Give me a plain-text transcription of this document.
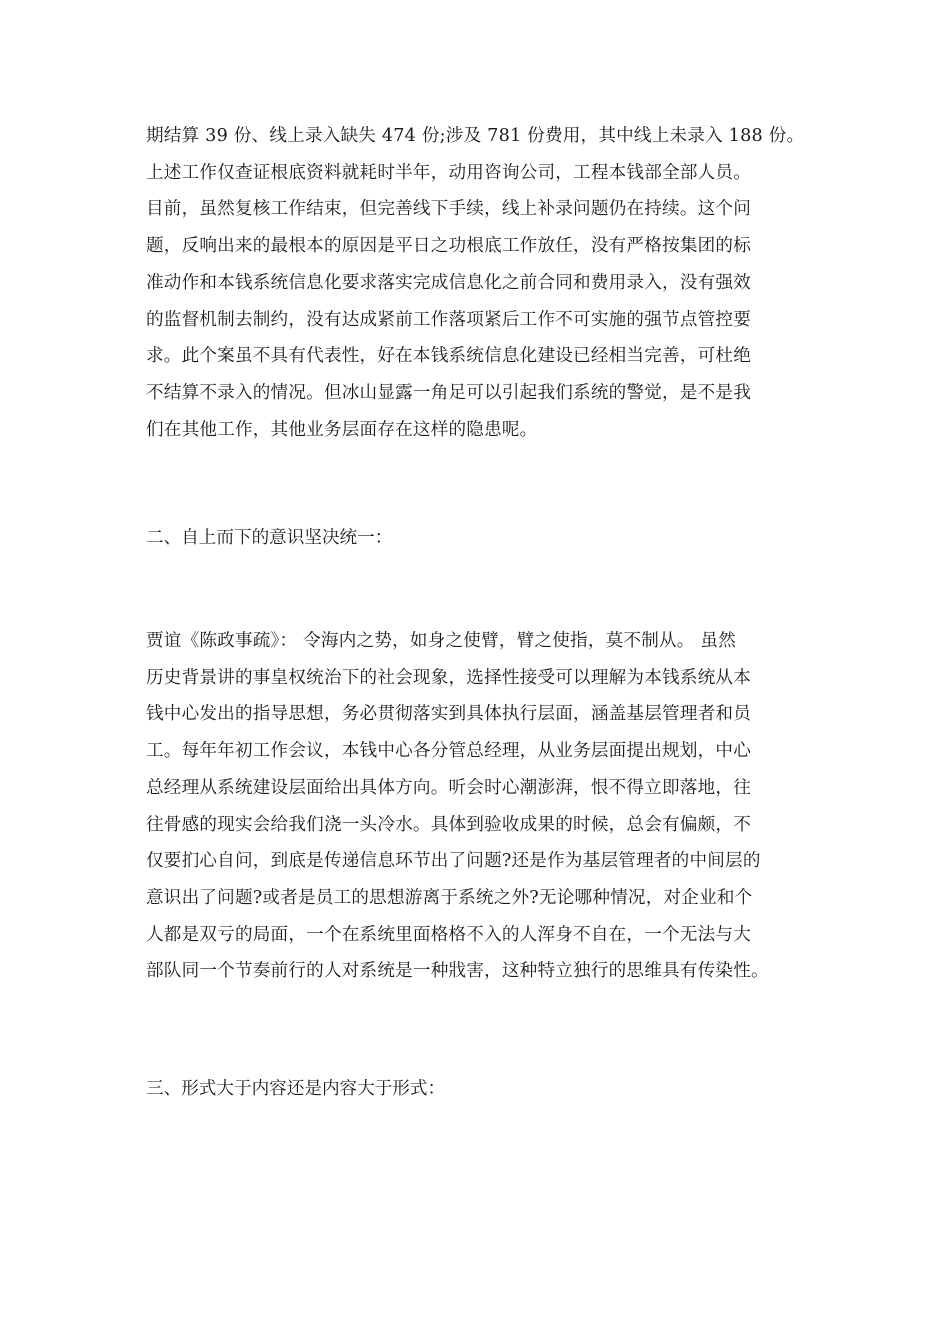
期结算 39 份、线上录入缺失 474 份;涉及 781 份费用，其中线上未录入 188 份。
上述工作仅查证根底资料就耗时半年，动用咨询公司，工程本钱部全部人员。
目前，虽然复核工作结束，但完善线下手续，线上补录问题仍在持续。这个问
题，反响出来的最根本的原因是平日之功根底工作放任，没有严格按集团的标
准动作和本钱系统信息化要求落实完成信息化之前合同和费用录入，没有强效
的监督机制去制约，没有达成紧前工作落项紧后工作不可实施的强节点管控要
求。此个案虽不具有代表性，好在本钱系统信息化建设已经相当完善，可杜绝
不结算不录入的情况。但冰山显露一角足可以引起我们系统的警觉，是不是我
们在其他工作，其他业务层面存在这样的隐患呢。
二、自上而下的意识坚决统一：
贾谊《陈政事疏》： 令海内之势，如身之使臂，臂之使指，莫不制从。 虽然
历史背景讲的事皇权统治下的社会现象，选择性接受可以理解为本钱系统从本
钱中心发出的指导思想，务必贯彻落实到具体执行层面，涵盖基层管理者和员
工。每年年初工作会议，本钱中心各分管总经理，从业务层面提出规划，中心
总经理从系统建设层面给出具体方向。听会时心潮澎湃，恨不得立即落地，往
往骨感的现实会给我们浇一头冷水。具体到验收成果的时候，总会有偏颇，不
仅要扪心自问，到底是传递信息环节出了问题?还是作为基层管理者的中间层的
意识出了问题?或者是员工的思想游离于系统之外?无论哪种情况，对企业和个
人都是双亏的局面，一个在系统里面格格不入的人浑身不自在，一个无法与大
部队同一个节奏前行的人对系统是一种戕害，这种特立独行的思维具有传染性。
三、形式大于内容还是内容大于形式：
